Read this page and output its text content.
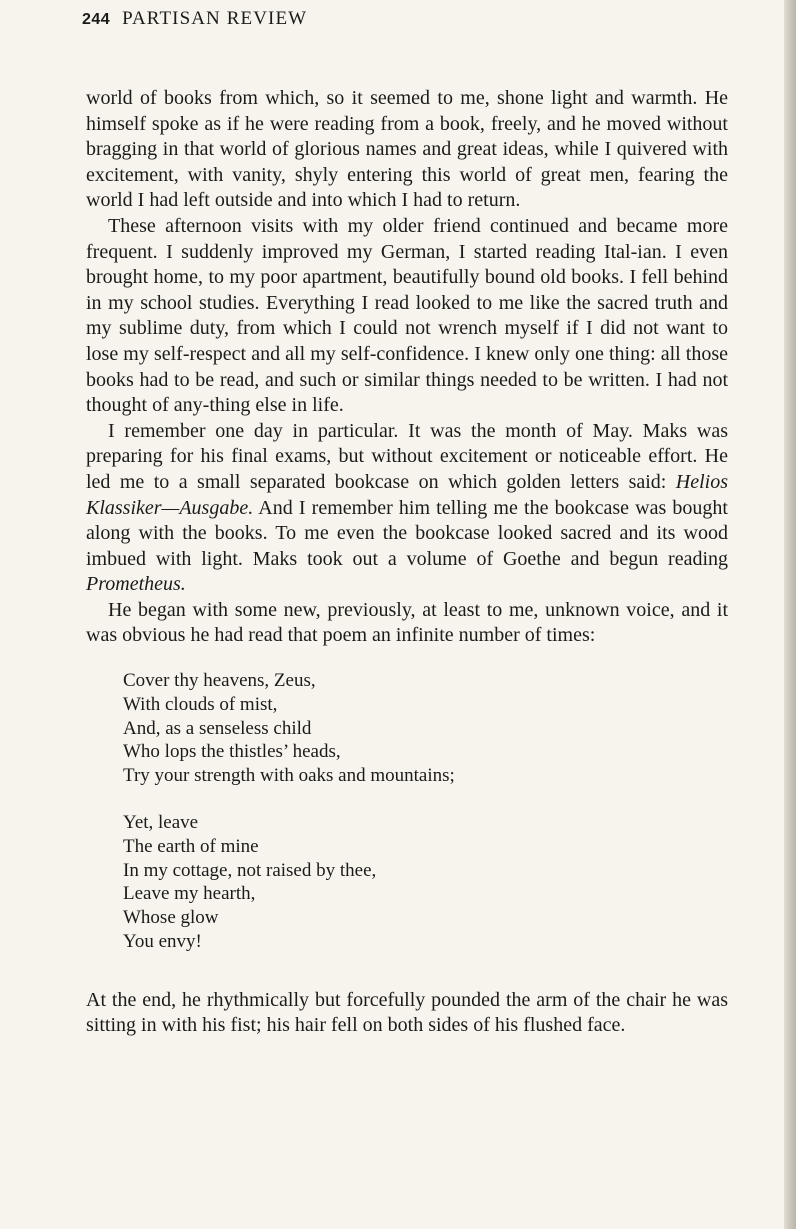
244 PARTISAN REVIEW

world of books from which, so it seemed to me, shone light and warmth. He himself spoke as if he were reading from a book, freely, and he moved without bragging in that world of glorious names and great ideas, while I quivered with excitement, with vanity, shyly entering this world of great men, fearing the world I had left outside and into which I had to return.

These afternoon visits with my older friend continued and became more frequent. I suddenly improved my German, I started reading Ital-ian. I even brought home, to my poor apartment, beautifully bound old books. I fell behind in my school studies. Everything I read looked to me like the sacred truth and my sublime duty, from which I could not wrench myself if I did not want to lose my self-respect and all my self-confidence. I knew only one thing: all those books had to be read, and such or similar things needed to be written. I had not thought of any-thing else in life.

I remember one day in particular. It was the month of May. Maks was preparing for his final exams, but without excitement or noticeable effort. He led me to a small separated bookcase on which golden letters said: Helios Klassiker—Ausgabe. And I remember him telling me the bookcase was bought along with the books. To me even the bookcase looked sacred and its wood imbued with light. Maks took out a volume of Goethe and begun reading Prometheus.

He began with some new, previously, at least to me, unknown voice, and it was obvious he had read that poem an infinite number of times:

Cover thy heavens, Zeus,
With clouds of mist,
And, as a senseless child
Who lops the thistles’ heads,
Try your strength with oaks and mountains;
Yet, leave
The earth of mine
In my cottage, not raised by thee,
Leave my hearth,
Whose glow
You envy!

At the end, he rhythmically but forcefully pounded the arm of the chair he was sitting in with his fist; his hair fell on both sides of his flushed face.
